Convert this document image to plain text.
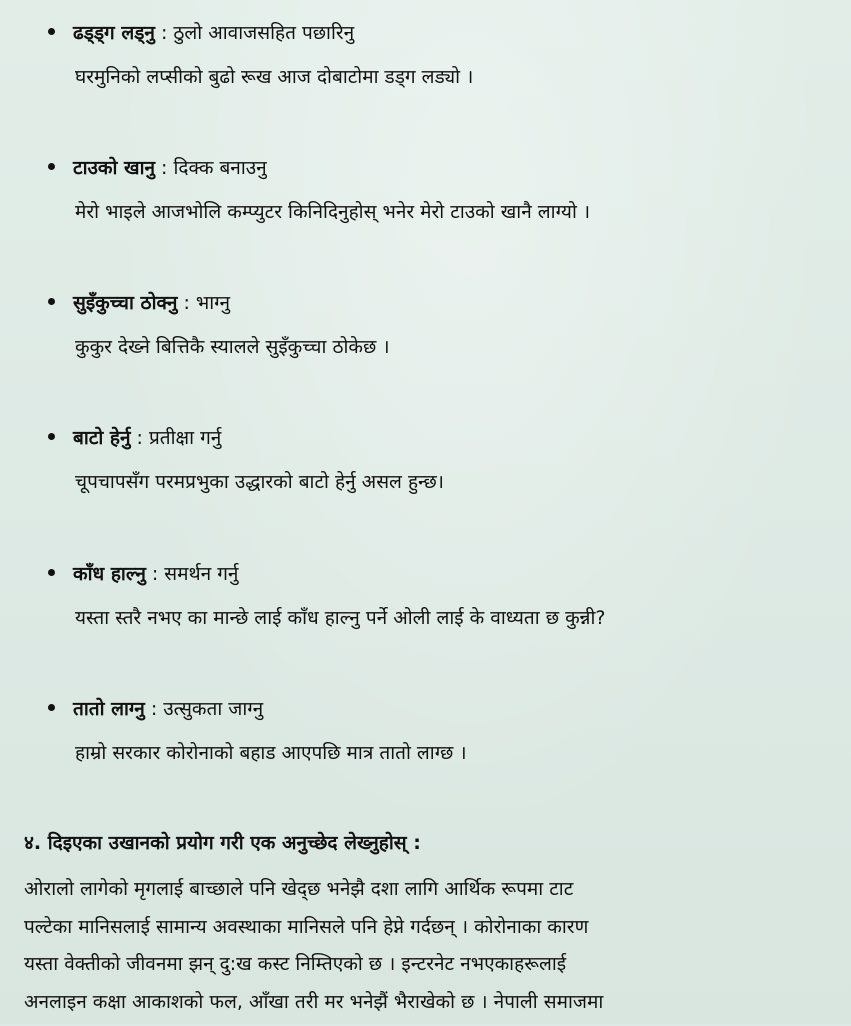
ढड्ड्ग लड्नु : ठुलो आवाजसहित पछारिनु
घरमुनिको लप्सीको बुढो रूख आज दोबाटोमा डड्ग लड्यो ।
टाउको खानु : दिक्क बनाउनु
मेरो भाइले आजभोलि कम्प्युटर किनिदिनुहोस् भनेर मेरो टाउको खानै लाग्यो ।
सुइँकुच्चा ठोक्नु : भाग्नु
कुकुर देख्ने बित्तिकै स्यालले सुइँकुच्चा ठोकेछ ।
बाटो हेर्नु : प्रतीक्षा गर्नु
चूपचापसँग परमप्रभुका उद्धारको बाटो हेर्नु असल हुन्छ।
काँध हाल्नु : समर्थन गर्नु
यस्ता स्तरै नभए का मान्छे लाई काँध हाल्नु पर्ने ओली लाई के वाध्यता छ कुन्नी?
तातो लाग्नु : उत्सुकता जाग्नु
हाम्रो सरकार कोरोनाको बहाड आएपछि मात्र तातो लाग्छ ।
४. दिइएका उखानको प्रयोग गरी एक अनुच्छेद लेख्नुहोस् :
ओरालो लागेको मृगलाई बाच्छाले पनि खेद्छ भनेझै दशा लागि आर्थिक रूपमा टाट
पल्टेका मानिसलाई सामान्य अवस्थाका मानिसले पनि हेप्ने गर्दछन् । कोरोनाका कारण
यस्ता वेक्तीको जीवनमा झन् दु:ख कस्ट निम्तिएको छ । इन्टरनेट नभएकाहरूलाई
अनलाइन कक्षा आकाशको फल, आँखा तरी मर भनेझैं भैराखेको छ । नेपाली समाजमा
